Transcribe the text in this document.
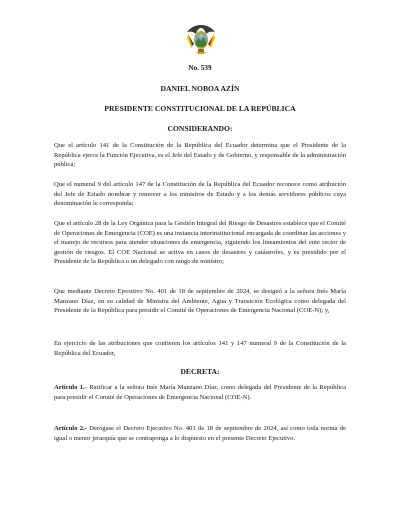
No. 539
DANIEL NOBOA AZÍN
PRESIDENTE CONSTITUCIONAL DE LA REPÚBLICA
CONSIDERANDO:

Que el artículo 141 de la Constitución de la República del Ecuador determina que el Presidente de la República ejerce la Función Ejecutiva, es el Jefe del Estado y de Gobierno, y responsable de la administración pública;

Que el numeral 9 del artículo 147 de la Constitución de la República del Ecuador reconoce como atribución del Jefe de Estado nombrar y remover a los ministros de Estado y a los demás servidores públicos cuya denominación le corresponda;

Que el artículo 28 de la Ley Orgánica para la Gestión Integral del Riesgo de Desastres establece que el Comité de Operaciones de Emergencia (COE) es una instancia interinstitucional encargada de coordinar las acciones y el manejo de recursos para atender situaciones de emergencia, siguiendo los lineamientos del ente rector de gestión de riesgos. El COE Nacional se activa en casos de desastres y catástrofes, y es presidido por el Presidente de la República o un delegado con rango de ministro;

Que mediante Decreto Ejecutivo No. 401 de 18 de septiembre de 2024, se designó a la señora Inés María Manzano Díaz, en su calidad de Ministra del Ambiente, Agua y Transición Ecológica como delegada del Presidente de la República para presidir el Comité de Operaciones de Emergencia Nacional (COE-N); y,

En ejercicio de las atribuciones que confieren los artículos 141 y 147 numeral 9 de la Constitución de la República del Ecuador,

DECRETA:

Artículo 1.- Ratificar a la señora Inés María Manzano Díaz, como delegada del Presidente de la República para presidir el Comité de Operaciones de Emergencia Nacional (COE-N).

Artículo 2.- Derógase el Decreto Ejecutivo No. 401 de 18 de septiembre de 2024, así como toda norma de igual o menor jerarquía que se contraponga a lo dispuesto en el presente Decreto Ejecutivo.
